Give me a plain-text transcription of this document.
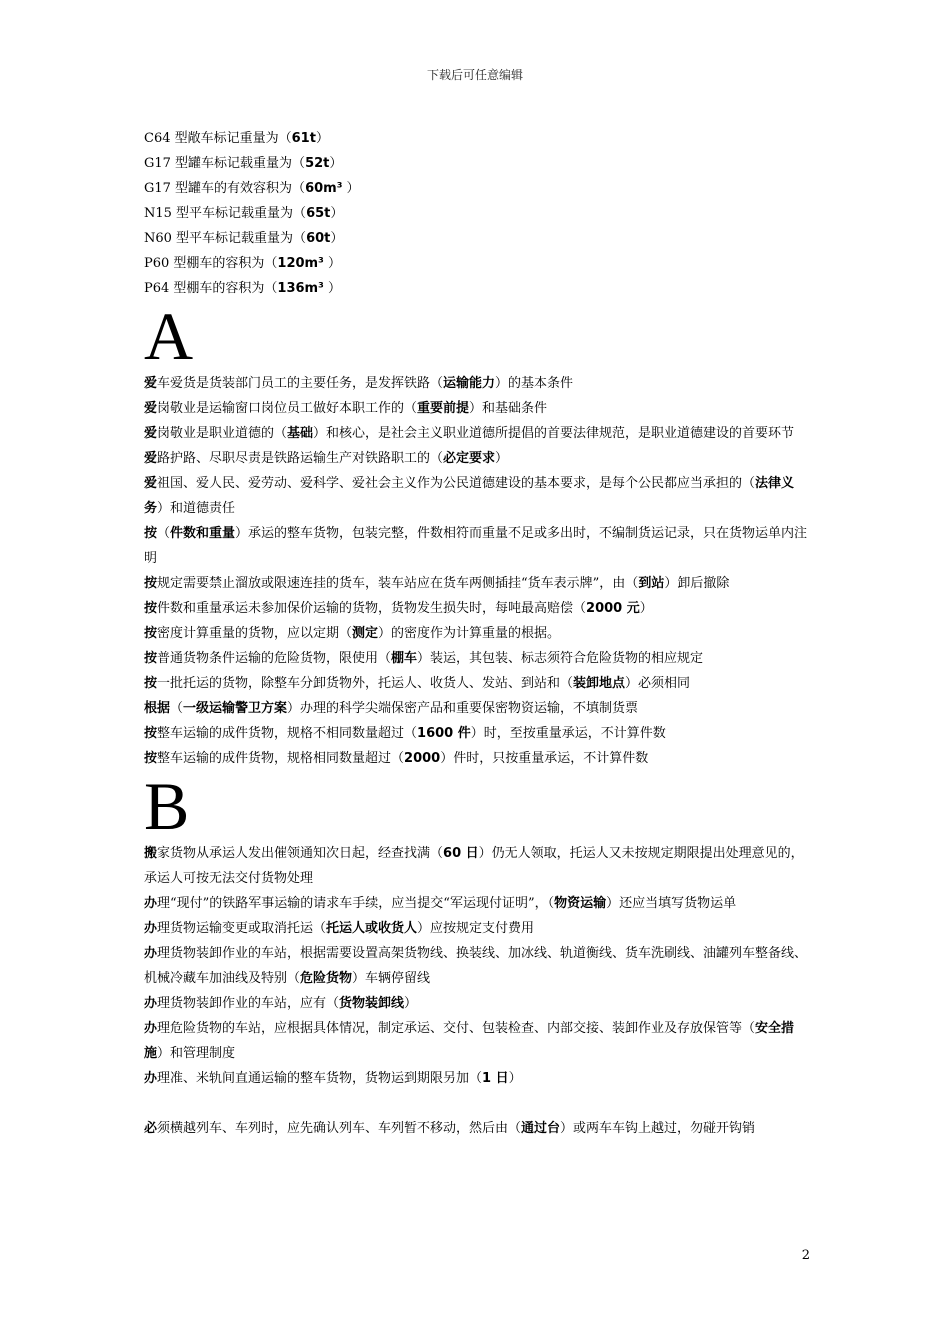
下载后可任意编辑
C64 型敞车标记重量为（61t）
G17 型罐车标记载重量为（52t）
G17 型罐车的有效容积为（60m³ ）
N15 型平车标记载重量为（65t）
N60 型平车标记载重量为（60t）
P60 型棚车的容积为（120m³ ）
P64 型棚车的容积为（136m³ ）
A
爱车爱货是货装部门员工的主要任务，是发挥铁路（运输能力）的基本条件
爱岗敬业是运输窗口岗位员工做好本职工作的（重要前提）和基础条件
爱岗敬业是职业道德的（基础）和核心，是社会主义职业道德所提倡的首要法律规范，是职业道德建设的首要环节
爱路护路、尽职尽责是铁路运输生产对铁路职工的（必定要求）
爱祖国、爱人民、爱劳动、爱科学、爱社会主义作为公民道德建设的基本要求，是每个公民都应当承担的（法律义务）和道德责任
按（件数和重量）承运的整车货物，包装完整，件数相符而重量不足或多出时，不编制货运记录，只在货物运单内注明
按规定需要禁止溜放或限速连挂的货车，装车站应在货车两侧插挂“货车表示牌”，由（到站）卸后撤除
按件数和重量承运未参加保价运输的货物，货物发生损失时，每吨最高赔偿（2000 元）
按密度计算重量的货物，应以定期（测定）的密度作为计算重量的根据。
按普通货物条件运输的危险货物，限使用（棚车）装运，其包装、标志须符合危险货物的相应规定
按一批托运的货物，除整车分卸货物外，托运人、收货人、发站、到站和（装卸地点）必须相同
根据（一级运输警卫方案）办理的科学尖端保密产品和重要保密物资运输，不填制货票
按整车运输的成件货物，规格不相同数量超过（1600 件）时，至按重量承运，不计算件数
按整车运输的成件货物，规格相同数量超过（2000）件时，只按重量承运，不计算件数
B
搬家货物从承运人发出催领通知次日起，经查找满（60 日）仍无人领取，托运人又未按规定期限提出处理意见的，承运人可按无法交付货物处理
办理“现付”的铁路军事运输的请求车手续，应当提交“军运现付证明”，（物资运输）还应当填写货物运单
办理货物运输变更或取消托运（托运人或收货人）应按规定支付费用
办理货物装卸作业的车站，根据需要设置高架货物线、换装线、加冰线、轨道衡线、货车洗刷线、油罐列车整备线、机械冷藏车加油线及特别（危险货物）车辆停留线
办理货物装卸作业的车站，应有（货物装卸线）
办理危险货物的车站，应根据具体情况，制定承运、交付、包装检查、内部交接、装卸作业及存放保管等（安全措施）和管理制度
办理准、米轨间直通运输的整车货物，货物运到期限另加（1 日）
必须横越列车、车列时，应先确认列车、车列暂不移动，然后由（通过台）或两车车钩上越过，勿碰开钩销
2
